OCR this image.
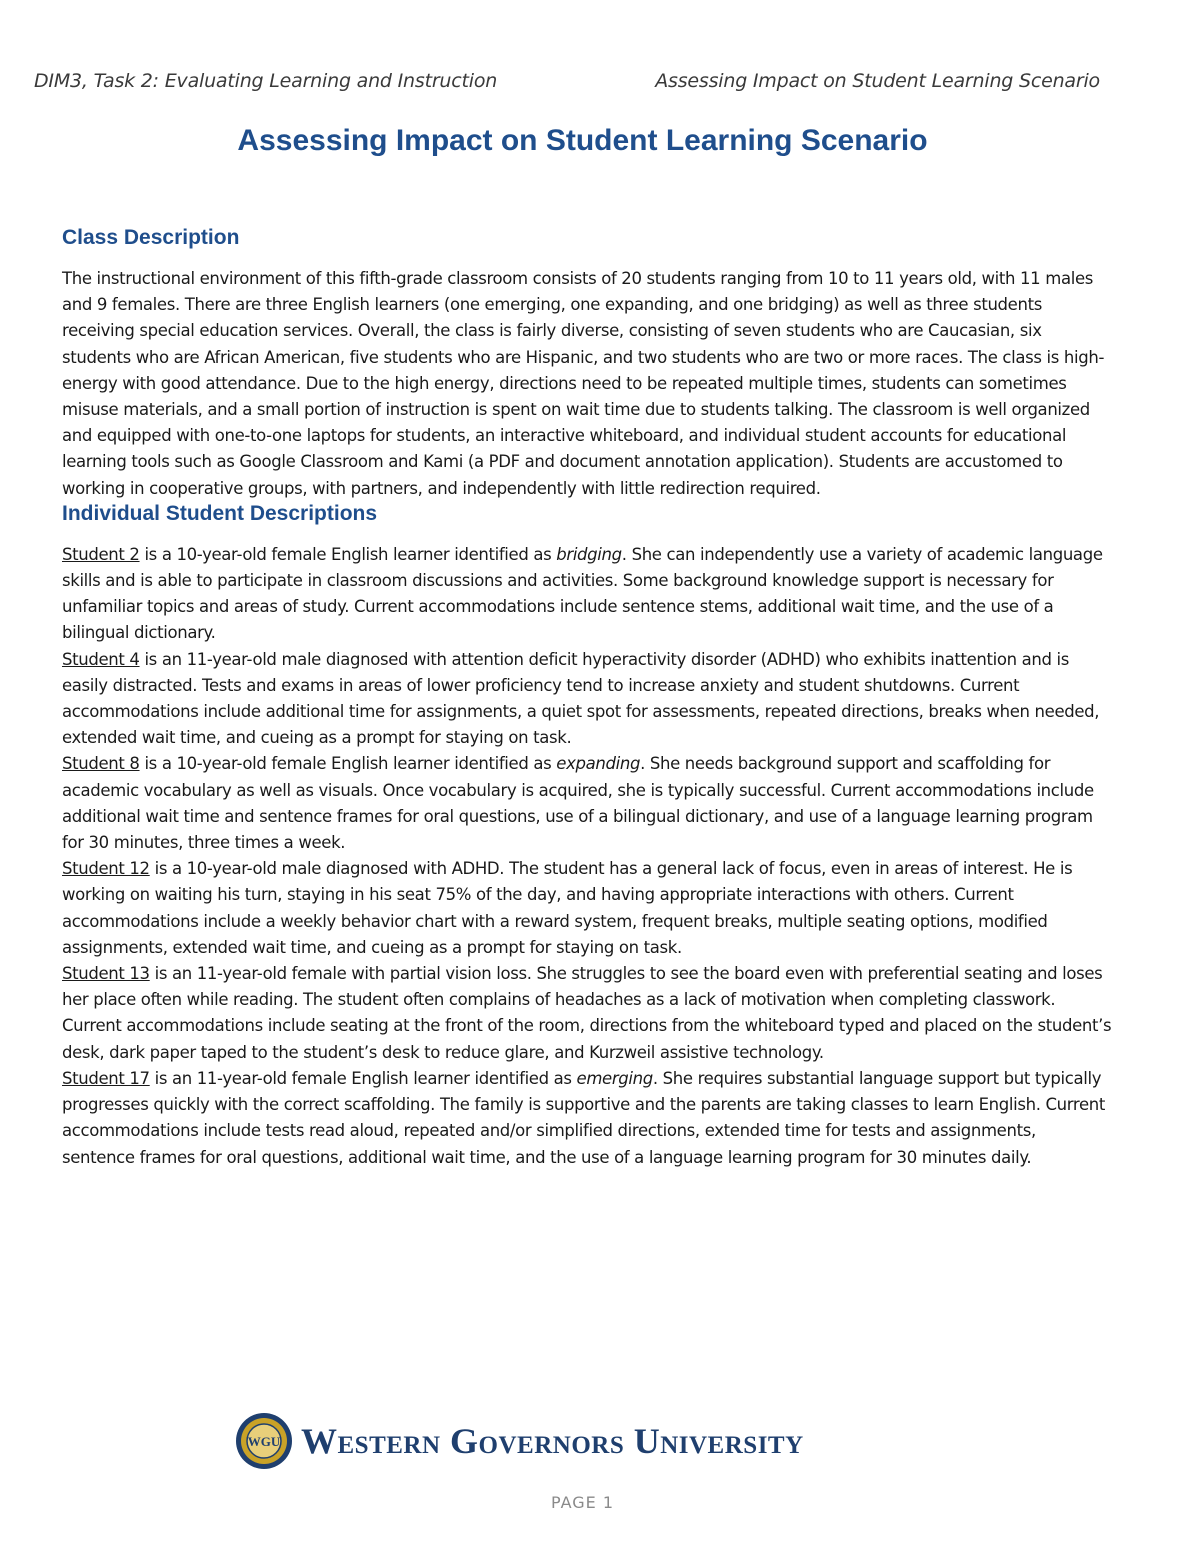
DIM3, Task 2: Evaluating Learning and Instruction	Assessing Impact on Student Learning Scenario
Assessing Impact on Student Learning Scenario
Class Description

The instructional environment of this fifth-grade classroom consists of 20 students ranging from 10 to 11 years old, with 11 males and 9 females. There are three English learners (one emerging, one expanding, and one bridging) as well as three students receiving special education services. Overall, the class is fairly diverse, consisting of seven students who are Caucasian, six students who are African American, five students who are Hispanic, and two students who are two or more races. The class is high-energy with good attendance. Due to the high energy, directions need to be repeated multiple times, students can sometimes misuse materials, and a small portion of instruction is spent on wait time due to students talking. The classroom is well organized and equipped with one-to-one laptops for students, an interactive whiteboard, and individual student accounts for educational learning tools such as Google Classroom and Kami (a PDF and document annotation application). Students are accustomed to working in cooperative groups, with partners, and independently with little redirection required.

Individual Student Descriptions

Student 2 is a 10-year-old female English learner identified as bridging. She can independently use a variety of academic language skills and is able to participate in classroom discussions and activities. Some background knowledge support is necessary for unfamiliar topics and areas of study. Current accommodations include sentence stems, additional wait time, and the use of a bilingual dictionary.

Student 4 is an 11-year-old male diagnosed with attention deficit hyperactivity disorder (ADHD) who exhibits inattention and is easily distracted. Tests and exams in areas of lower proficiency tend to increase anxiety and student shutdowns. Current accommodations include additional time for assignments, a quiet spot for assessments, repeated directions, breaks when needed, extended wait time, and cueing as a prompt for staying on task.

Student 8 is a 10-year-old female English learner identified as expanding. She needs background support and scaffolding for academic vocabulary as well as visuals. Once vocabulary is acquired, she is typically successful. Current accommodations include additional wait time and sentence frames for oral questions, use of a bilingual dictionary, and use of a language learning program for 30 minutes, three times a week.

Student 12 is a 10-year-old male diagnosed with ADHD. The student has a general lack of focus, even in areas of interest. He is working on waiting his turn, staying in his seat 75% of the day, and having appropriate interactions with others. Current accommodations include a weekly behavior chart with a reward system, frequent breaks, multiple seating options, modified assignments, extended wait time, and cueing as a prompt for staying on task.

Student 13 is an 11-year-old female with partial vision loss. She struggles to see the board even with preferential seating and loses her place often while reading. The student often complains of headaches as a lack of motivation when completing classwork. Current accommodations include seating at the front of the room, directions from the whiteboard typed and placed on the student’s desk, dark paper taped to the student’s desk to reduce glare, and Kurzweil assistive technology.

Student 17 is an 11-year-old female English learner identified as emerging. She requires substantial language support but typically progresses quickly with the correct scaffolding. The family is supportive and the parents are taking classes to learn English. Current accommodations include tests read aloud, repeated and/or simplified directions, extended time for tests and assignments, sentence frames for oral questions, additional wait time, and the use of a language learning program for 30 minutes daily.

WGU Western Governors University
PAGE 1
